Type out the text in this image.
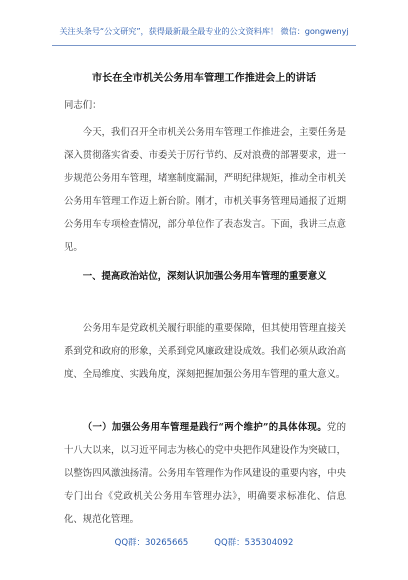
关注头条号“公文研究”，获得最新最全最专业的公文资料库！ 微信：gongwenyj
市长在全市机关公务用车管理工作推进会上的讲话

同志们：

今天，我们召开全市机关公务用车管理工作推进会，主要任务是深入贯彻落实省委、市委关于厉行节约、反对浪费的部署要求，进一步规范公务用车管理，堵塞制度漏洞，严明纪律规矩，推动全市机关公务用车管理工作迈上新台阶。刚才，市机关事务管理局通报了近期公务用车专项检查情况，部分单位作了表态发言。下面，我讲三点意见。

一、提高政治站位，深刻认识加强公务用车管理的重要意义

公务用车是党政机关履行职能的重要保障，但其使用管理直接关系到党和政府的形象，关系到党风廉政建设成效。我们必须从政治高度、全局维度、实践角度，深刻把握加强公务用车管理的重大意义。

（一）加强公务用车管理是践行“两个维护”的具体体现。党的十八大以来，以习近平同志为核心的党中央把作风建设作为突破口，以整饬四风激浊扬清。公务用车管理作为作风建设的重要内容，中央专门出台《党政机关公务用车管理办法》，明确要求标准化、信息化、规范化管理。

QQ群：30265665	QQ群：535304092
